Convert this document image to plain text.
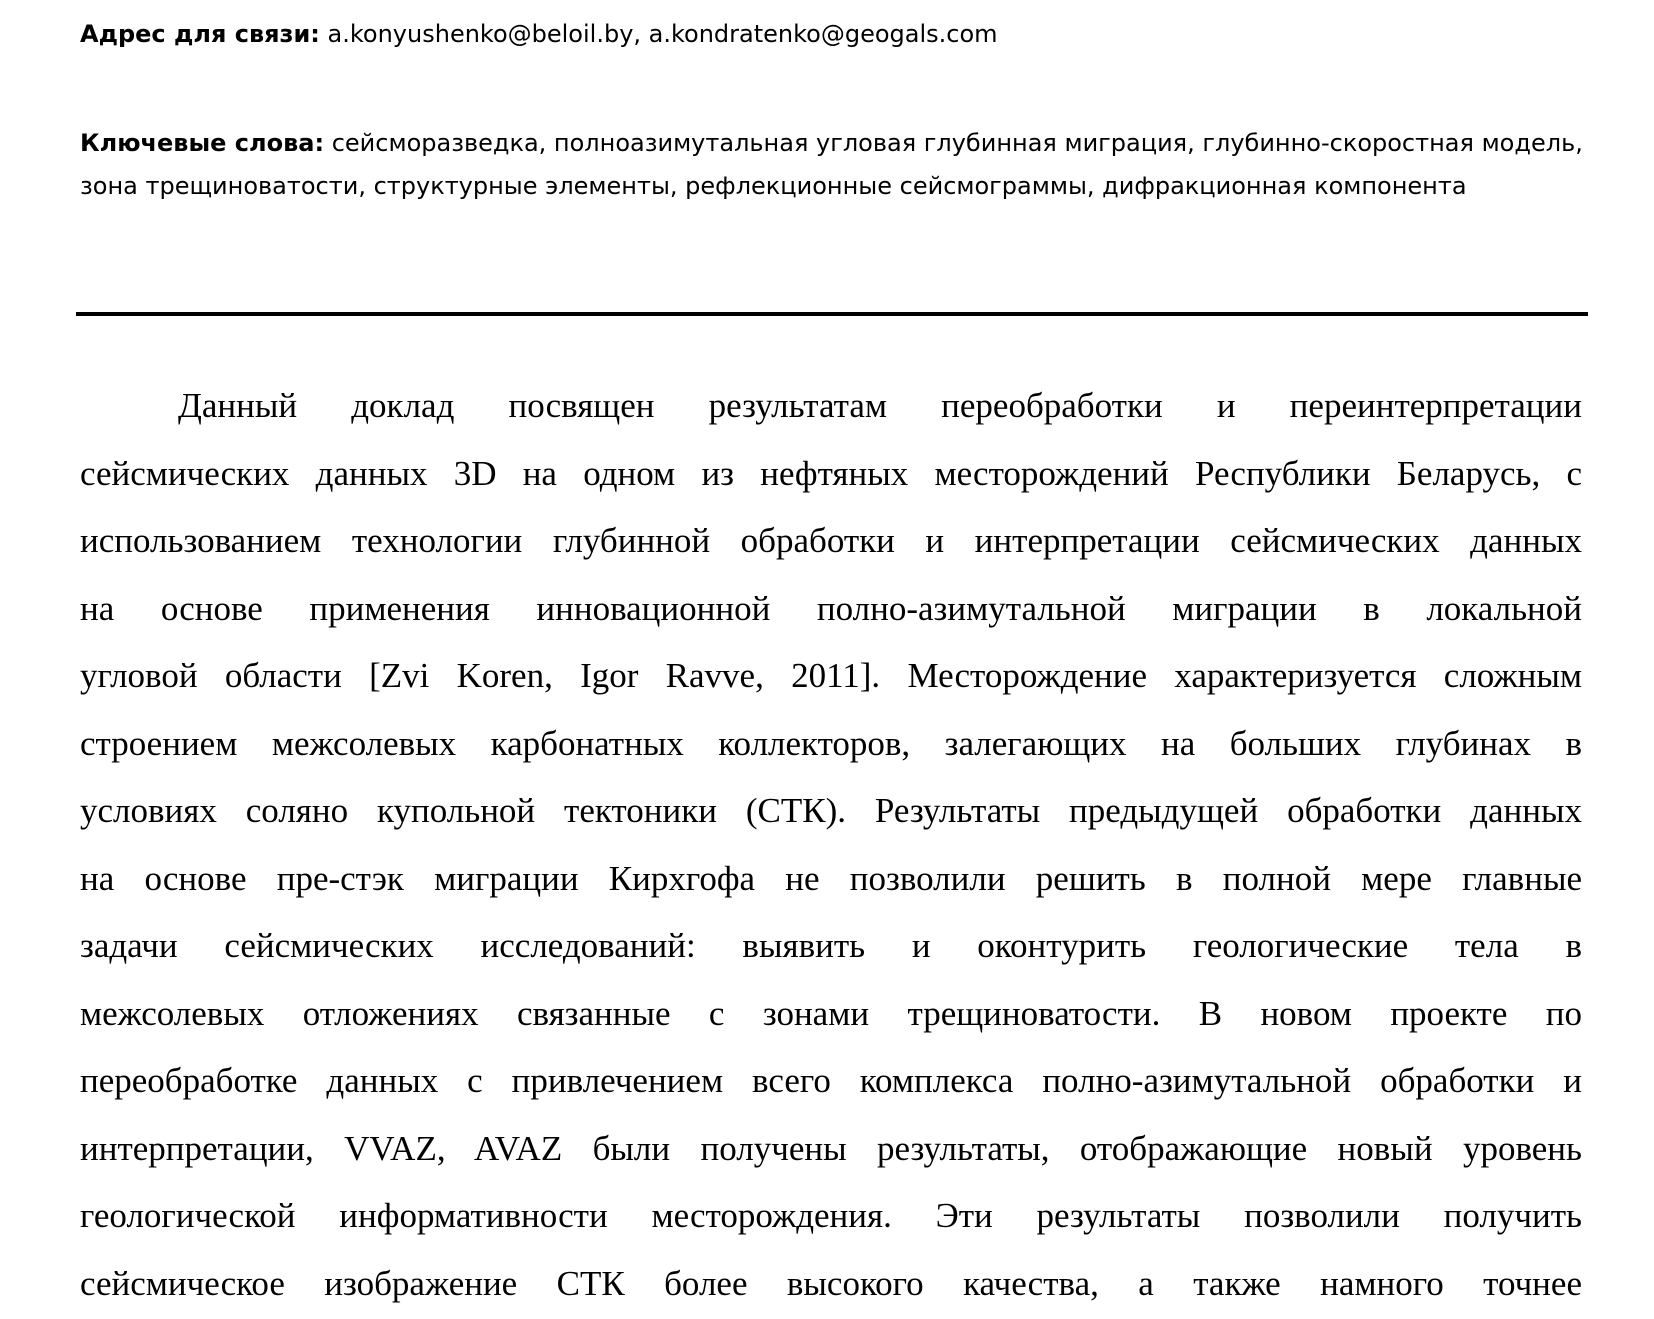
Адрес для связи: a.konyushenko@beloil.by, a.kondratenko@geogals.com
Ключевые слова: сейсморазведка, полноазимутальная угловая глубинная миграция, глубинно-скоростная модель, зона трещиноватости, структурные элементы, рефлекционные сейсмограммы, дифракционная компонента
Данный доклад посвящен результатам переобработки и переинтерпретации
сейсмических данных 3D на одном из нефтяных месторождений Республики Беларусь, с
использованием технологии глубинной обработки и интерпретации сейсмических данных
на основе применения инновационной полно-азимутальной миграции в локальной
угловой области [Zvi Koren, Igor Ravve, 2011]. Месторождение характеризуется сложным
строением межсолевых карбонатных коллекторов, залегающих на больших глубинах в
условиях соляно купольной тектоники (СТК). Результаты предыдущей обработки данных
на основе пре-стэк миграции Кирхгофа не позволили решить в полной мере главные
задачи сейсмических исследований: выявить и оконтурить геологические тела в
межсолевых отложениях связанные с зонами трещиноватости. В новом проекте по
переобработке данных с привлечением всего комплекса полно-азимутальной обработки и
интерпретации, VVAZ, AVAZ были получены результаты, отображающие новый уровень
геологической информативности месторождения. Эти результаты позволили получить
сейсмическое изображение СТК более высокого качества, а также намного точнее
